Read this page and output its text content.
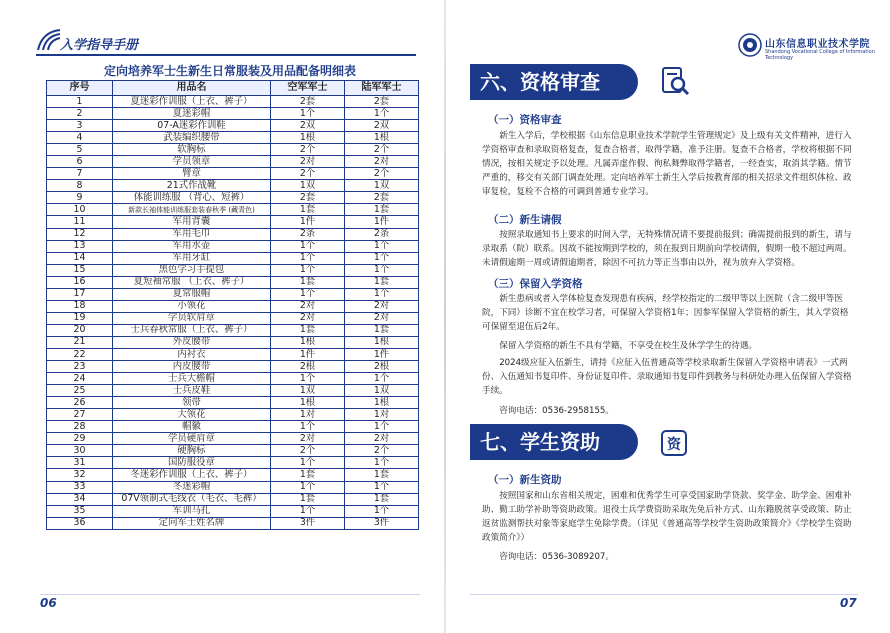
入学指导手册
定向培养军士生新生日常服装及用品配备明细表
序号	用品名	空军军士	陆军军士
1	夏迷彩作训服（上衣、裤子）	2套	2套
2	夏迷彩帽	1个	1个
3	07-A迷彩作训鞋	2双	2双
4	武装编织腰带	1根	1根
5	软胸标	2个	2个
6	学员领章	2对	2对
7	臂章	2个	2个
8	21式作战靴	1双	1双
9	体能训练服 （背心、短裤）	2套	2套
10	新款长袖体能训练服套装春秋季 (藏青色)	1套	1套
11	军用背囊	1件	1件
12	军用毛巾	2条	2条
13	军用水壶	1个	1个
14	军用牙缸	1个	1个
15	黑色学习手提包	1个	1个
16	夏短袖常服 （上衣、裤子）	1套	1套
17	夏常服帽	1个	1个
18	小领花	2对	2对
19	学员软肩章	2对	2对
20	士兵春秋常服（上衣、裤子）	1套	1套
21	外皮腰带	1根	1根
22	内衬衣	1件	1件
23	内皮腰带	2根	2根
24	士兵大檐帽	1个	1个
25	士兵皮鞋	1双	1双
26	领带	1根	1根
27	大领花	1对	1对
28	帽徽	1个	1个
29	学员硬肩章	2对	2对
30	硬胸标	2个	2个
31	国防服役章	1个	1个
32	冬迷彩作训服（上衣、裤子）	1套	1套
33	冬迷彩帽	1个	1个
34	07V领制式毛线衣（毛衣、毛裤）	1套	1套
35	军训马扎	1个	1个
36	定向军士姓名牌	3件	3件
06
山东信息职业技术学院
Shandong Vocational College of Information Technology
六、资格审查
（一）资格审查
新生入学后，学校根据《山东信息职业技术学院学生管理规定》及上级有关文件精神，进行入学资格审查和录取资格复查，复查合格者，取得学籍，准予注册。复查不合格者，学校将根据不同情况，按相关规定予以处理。凡属弄虚作假、徇私舞弊取得学籍者，一经查实，取消其学籍。情节严重的，移交有关部门调查处理。定向培养军士新生入学后按教育部的相关招录文件组织体检、政审复检，复检不合格的可调到普通专业学习。
（二）新生请假
按照录取通知书上要求的时间入学，无特殊情况请不要提前报到；确需提前报到的新生，请与录取系（院）联系。因故不能按期到学校的，须在报到日期前向学校请假，假期一般不超过两周。未请假逾期一周或请假逾期者，除因不可抗力等正当事由以外，视为放弃入学资格。
（三）保留入学资格
新生患病或者入学体检复查发现患有疾病，经学校指定的二级甲等以上医院（含二级甲等医院，下同）诊断不宜在校学习者，可保留入学资格1年；因参军保留入学资格的新生，其入学资格可保留至退伍后2年。
保留入学资格的新生不具有学籍，不享受在校生及休学学生的待遇。
2024级应征入伍新生，请持《应征入伍普通高等学校录取新生保留入学资格申请表》一式两份、入伍通知书复印件、身份证复印件、录取通知书复印件到教务与科研处办理入伍保留入学资格手续。
咨询电话：0536-2958155。
七、学生资助	资
（一）新生资助
按照国家和山东省相关规定，困难和优秀学生可享受国家助学贷款、奖学金、助学金、困难补助、勤工助学补助等资助政策。退役士兵学费资助采取先免后补方式、山东籍脱贫享受政策、防止返贫监测帮扶对象等家庭学生免除学费。（详见《普通高等学校学生资助政策简介》《学校学生资助政策简介》）
咨询电话：0536-3089207。
07
